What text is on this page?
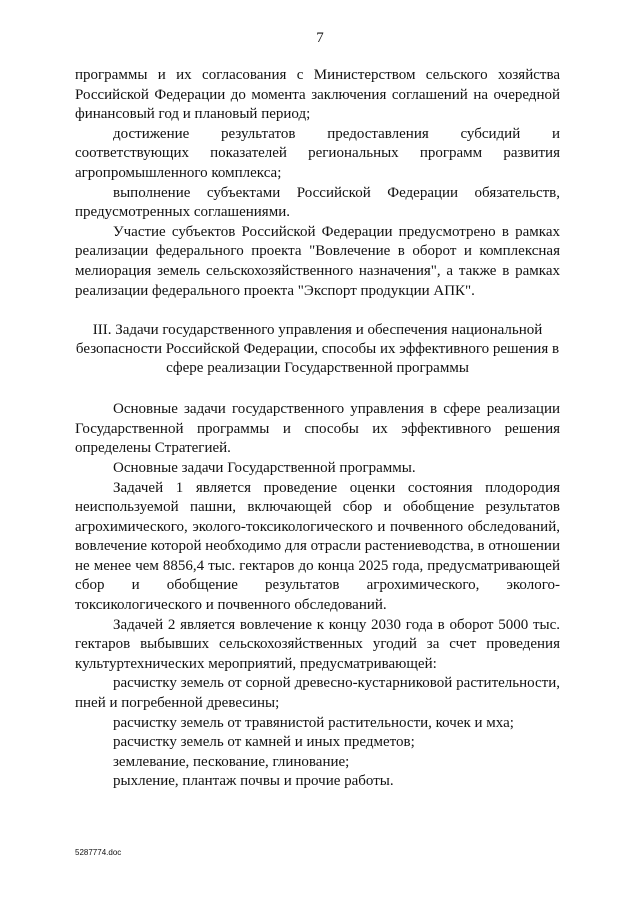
7

программы и их согласования с Министерством сельского хозяйства Российской Федерации до момента заключения соглашений на очередной финансовый год и плановый период;

достижение результатов предоставления субсидий и соответствующих показателей региональных программ развития агропромышленного комплекса;

выполнение субъектами Российской Федерации обязательств, предусмотренных соглашениями.

Участие субъектов Российской Федерации предусмотрено в рамках реализации федерального проекта "Вовлечение в оборот и комплексная мелиорация земель сельскохозяйственного назначения", а также в рамках реализации федерального проекта "Экспорт продукции АПК".

III. Задачи государственного управления и обеспечения национальной безопасности Российской Федерации, способы их эффективного решения в сфере реализации Государственной программы

Основные задачи государственного управления в сфере реализации Государственной программы и способы их эффективного решения определены Стратегией.

Основные задачи Государственной программы.

Задачей 1 является проведение оценки состояния плодородия неиспользуемой пашни, включающей сбор и обобщение результатов агрохимического, эколого-токсикологического и почвенного обследований, вовлечение которой необходимо для отрасли растениеводства, в отношении не менее чем 8856,4 тыс. гектаров до конца 2025 года, предусматривающей сбор и обобщение результатов агрохимического, эколого-токсикологического и почвенного обследований.

Задачей 2 является вовлечение к концу 2030 года в оборот 5000 тыс. гектаров выбывших сельскохозяйственных угодий за счет проведения культуртехнических мероприятий, предусматривающей:

расчистку земель от сорной древесно-кустарниковой растительности, пней и погребенной древесины;

расчистку земель от травянистой растительности, кочек и мха;

расчистку земель от камней и иных предметов;

землевание, пескование, глинование;

рыхление, плантаж почвы и прочие работы.

5287774.doc
